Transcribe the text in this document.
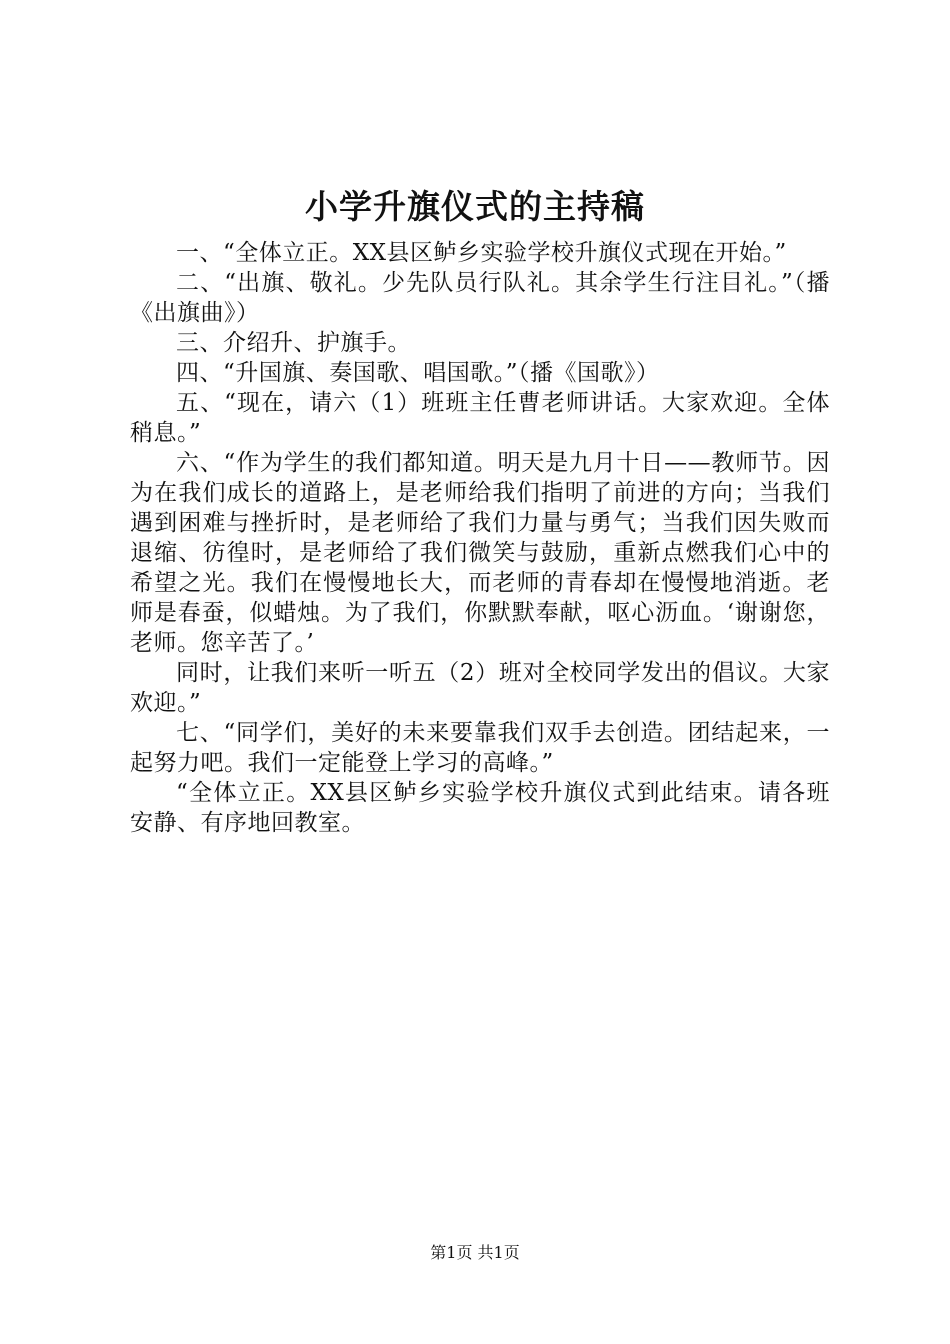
小学升旗仪式的主持稿

一、“全体立正。XX县区鲈乡实验学校升旗仪式现在开始。”

二、“出旗、敬礼。少先队员行队礼。其余学生行注目礼。”（播《出旗曲》）

三、介绍升、护旗手。

四、“升国旗、奏国歌、唱国歌。”（播《国歌》）

五、“现在，请六（1）班班主任曹老师讲话。大家欢迎。全体稍息。”

六、“作为学生的我们都知道。明天是九月十日——教师节。因为在我们成长的道路上，是老师给我们指明了前进的方向；当我们遇到困难与挫折时，是老师给了我们力量与勇气；当我们因失败而退缩、彷徨时，是老师给了我们微笑与鼓励，重新点燃我们心中的希望之光。我们在慢慢地长大，而老师的青春却在慢慢地消逝。老师是春蚕，似蜡烛。为了我们，你默默奉献，呕心沥血。‘谢谢您，老师。您辛苦了。’

同时，让我们来听一听五（2）班对全校同学发出的倡议。大家欢迎。”

七、“同学们，美好的未来要靠我们双手去创造。团结起来，一起努力吧。我们一定能登上学习的高峰。”

“全体立正。XX县区鲈乡实验学校升旗仪式到此结束。请各班安静、有序地回教室。

第1页 共1页
